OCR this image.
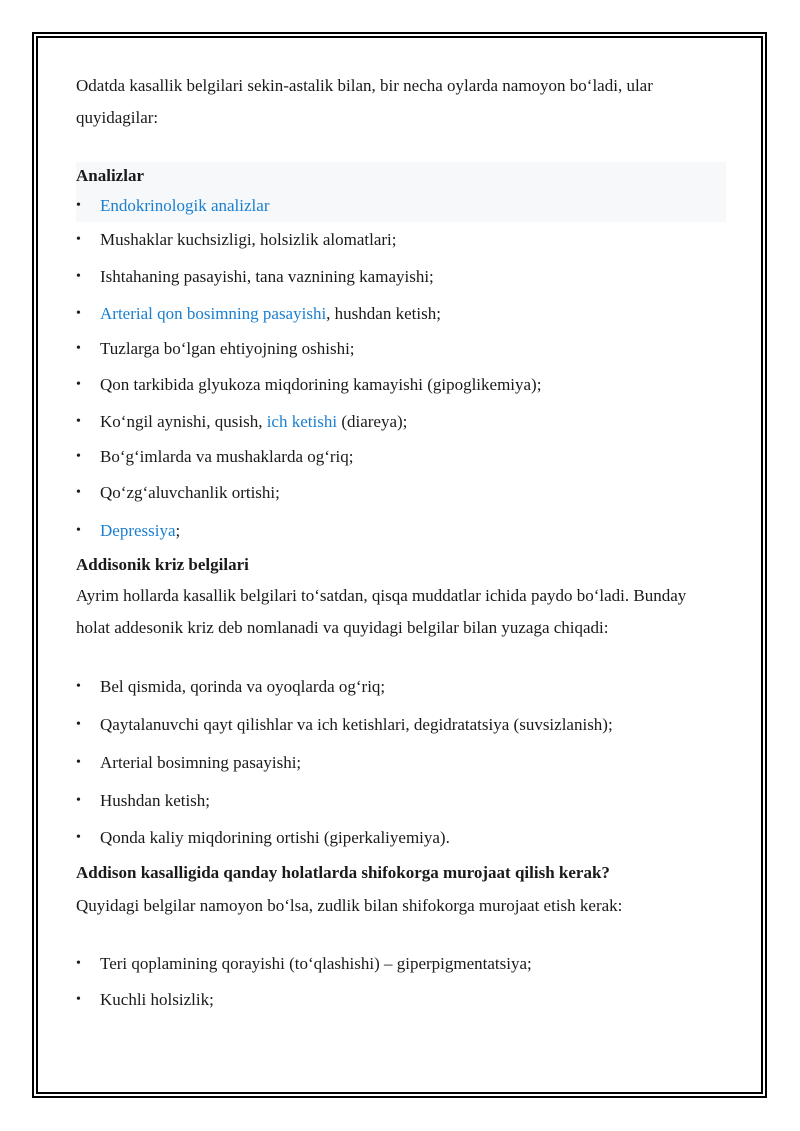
Odatda kasallik belgilari sekin-astalik bilan, bir necha oylarda namoyon bo‘ladi, ular quyidagilar:

Analizlar

• Endokrinologik analizlar
• Mushaklar kuchsizligi, holsizlik alomatlari;
• Ishtahaning pasayishi, tana vaznining kamayishi;
• Arterial qon bosimning pasayishi, hushdan ketish;
• Tuzlarga bo‘lgan ehtiyojning oshishi;
• Qon tarkibida glyukoza miqdorining kamayishi (gipoglikemiya);
• Ko‘ngil aynishi, qusish, ich ketishi (diareya);
• Bo‘g‘imlarda va mushaklarda og‘riq;
• Qo‘zg‘aluvchanlik ortishi;
• Depressiya;

Addisonik kriz belgilari

Ayrim hollarda kasallik belgilari to‘satdan, qisqa muddatlar ichida paydo bo‘ladi. Bunday holat addesonik kriz deb nomlanadi va quyidagi belgilar bilan yuzaga chiqadi:

• Bel qismida, qorinda va oyoqlarda og‘riq;
• Qaytalanuvchi qayt qilishlar va ich ketishlari, degidratatsiya (suvsizlanish);
• Arterial bosimning pasayishi;
• Hushdan ketish;
• Qonda kaliy miqdorining ortishi (giperkaliyemiya).

Addison kasalligida qanday holatlarda shifokorga murojaat qilish kerak?

Quyidagi belgilar namoyon bo‘lsa, zudlik bilan shifokorga murojaat etish kerak:

• Teri qoplamining qorayishi (to‘qlashishi) – giperpigmentatsiya;
• Kuchli holsizlik;
